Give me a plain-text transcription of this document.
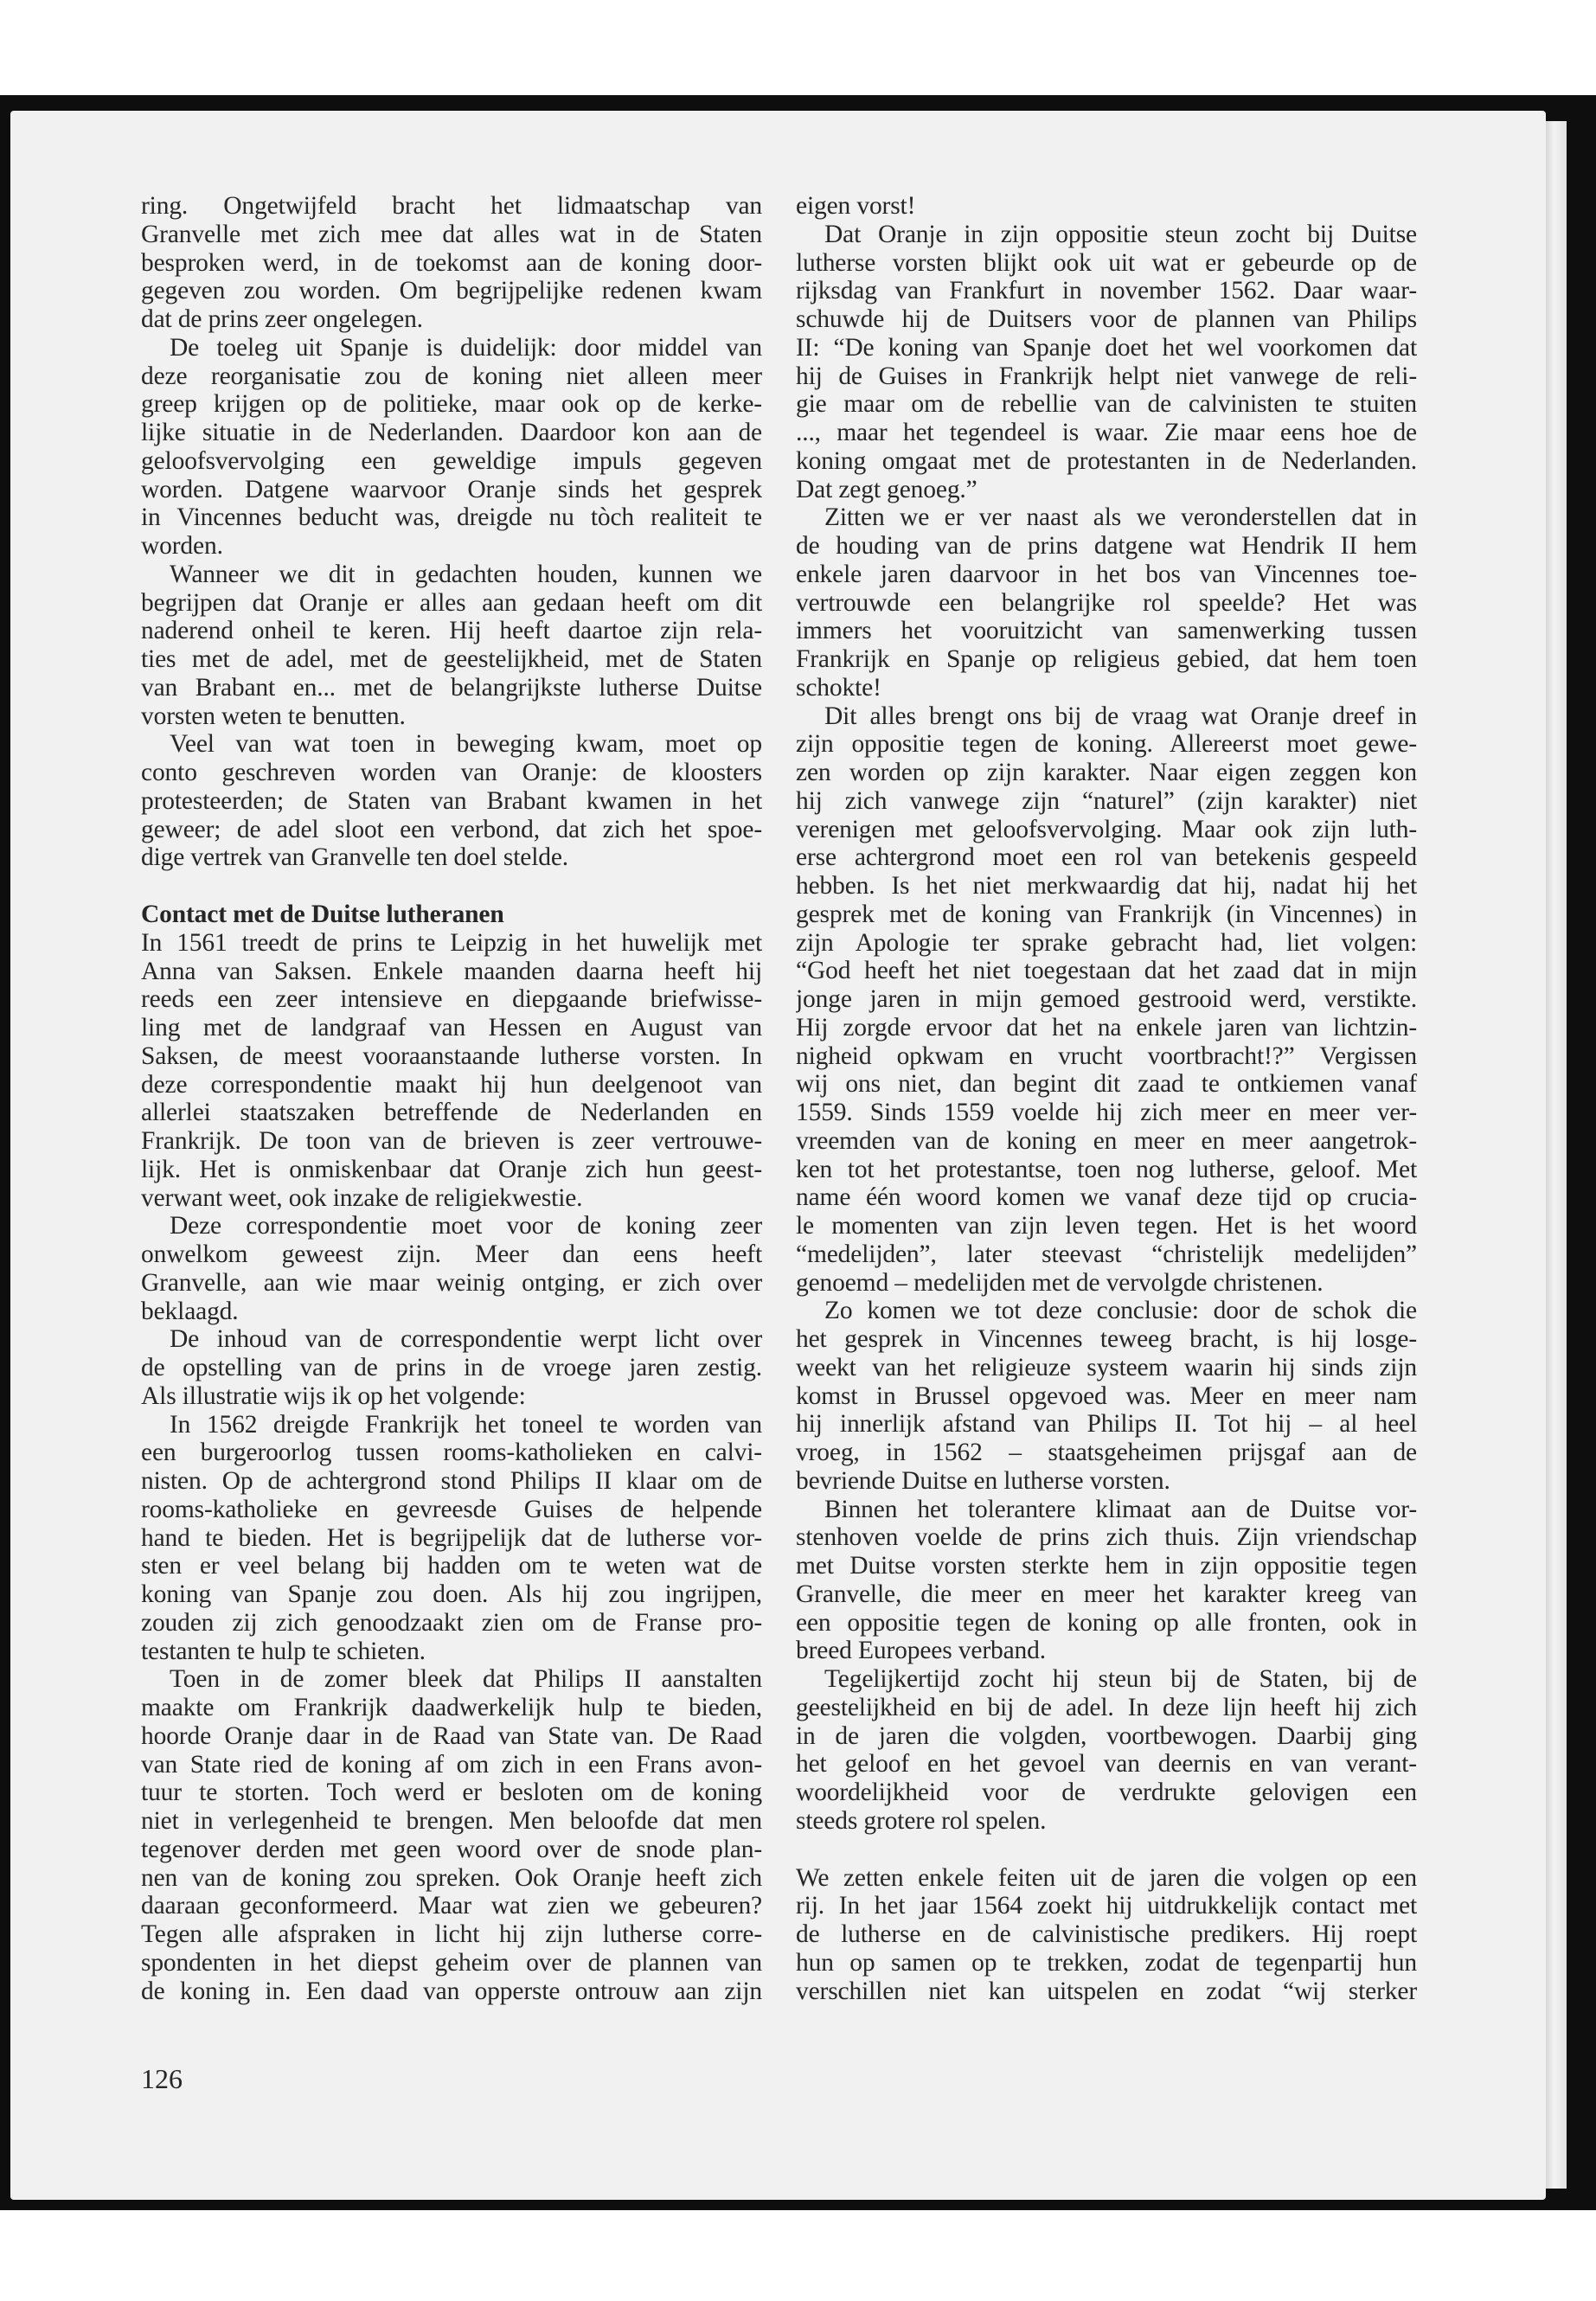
ring. Ongetwijfeld bracht het lidmaatschap van
Granvelle met zich mee dat alles wat in de Staten
besproken werd, in de toekomst aan de koning door-
gegeven zou worden. Om begrijpelijke redenen kwam
dat de prins zeer ongelegen.
De toeleg uit Spanje is duidelijk: door middel van
deze reorganisatie zou de koning niet alleen meer
greep krijgen op de politieke, maar ook op de kerke-
lijke situatie in de Nederlanden. Daardoor kon aan de
geloofsvervolging een geweldige impuls gegeven
worden. Datgene waarvoor Oranje sinds het gesprek
in Vincennes beducht was, dreigde nu tòch realiteit te
worden.
Wanneer we dit in gedachten houden, kunnen we
begrijpen dat Oranje er alles aan gedaan heeft om dit
naderend onheil te keren. Hij heeft daartoe zijn rela-
ties met de adel, met de geestelijkheid, met de Staten
van Brabant en... met de belangrijkste lutherse Duitse
vorsten weten te benutten.
Veel van wat toen in beweging kwam, moet op
conto geschreven worden van Oranje: de kloosters
protesteerden; de Staten van Brabant kwamen in het
geweer; de adel sloot een verbond, dat zich het spoe-
dige vertrek van Granvelle ten doel stelde.
Contact met de Duitse lutheranen
In 1561 treedt de prins te Leipzig in het huwelijk met
Anna van Saksen. Enkele maanden daarna heeft hij
reeds een zeer intensieve en diepgaande briefwisse-
ling met de landgraaf van Hessen en August van
Saksen, de meest vooraanstaande lutherse vorsten. In
deze correspondentie maakt hij hun deelgenoot van
allerlei staatszaken betreffende de Nederlanden en
Frankrijk. De toon van de brieven is zeer vertrouwe-
lijk. Het is onmiskenbaar dat Oranje zich hun geest-
verwant weet, ook inzake de religiekwestie.
Deze correspondentie moet voor de koning zeer
onwelkom geweest zijn. Meer dan eens heeft
Granvelle, aan wie maar weinig ontging, er zich over
beklaagd.
De inhoud van de correspondentie werpt licht over
de opstelling van de prins in de vroege jaren zestig.
Als illustratie wijs ik op het volgende:
In 1562 dreigde Frankrijk het toneel te worden van
een burgeroorlog tussen rooms-katholieken en calvi-
nisten. Op de achtergrond stond Philips II klaar om de
rooms-katholieke en gevreesde Guises de helpende
hand te bieden. Het is begrijpelijk dat de lutherse vor-
sten er veel belang bij hadden om te weten wat de
koning van Spanje zou doen. Als hij zou ingrijpen,
zouden zij zich genoodzaakt zien om de Franse pro-
testanten te hulp te schieten.
Toen in de zomer bleek dat Philips II aanstalten
maakte om Frankrijk daadwerkelijk hulp te bieden,
hoorde Oranje daar in de Raad van State van. De Raad
van State ried de koning af om zich in een Frans avon-
tuur te storten. Toch werd er besloten om de koning
niet in verlegenheid te brengen. Men beloofde dat men
tegenover derden met geen woord over de snode plan-
nen van de koning zou spreken. Ook Oranje heeft zich
daaraan geconformeerd. Maar wat zien we gebeuren?
Tegen alle afspraken in licht hij zijn lutherse corre-
spondenten in het diepst geheim over de plannen van
de koning in. Een daad van opperste ontrouw aan zijn
eigen vorst!
Dat Oranje in zijn oppositie steun zocht bij Duitse
lutherse vorsten blijkt ook uit wat er gebeurde op de
rijksdag van Frankfurt in november 1562. Daar waar-
schuwde hij de Duitsers voor de plannen van Philips
II: “De koning van Spanje doet het wel voorkomen dat
hij de Guises in Frankrijk helpt niet vanwege de reli-
gie maar om de rebellie van de calvinisten te stuiten
..., maar het tegendeel is waar. Zie maar eens hoe de
koning omgaat met de protestanten in de Nederlanden.
Dat zegt genoeg.”
Zitten we er ver naast als we veronderstellen dat in
de houding van de prins datgene wat Hendrik II hem
enkele jaren daarvoor in het bos van Vincennes toe-
vertrouwde een belangrijke rol speelde? Het was
immers het vooruitzicht van samenwerking tussen
Frankrijk en Spanje op religieus gebied, dat hem toen
schokte!
Dit alles brengt ons bij de vraag wat Oranje dreef in
zijn oppositie tegen de koning. Allereerst moet gewe-
zen worden op zijn karakter. Naar eigen zeggen kon
hij zich vanwege zijn “naturel” (zijn karakter) niet
verenigen met geloofsvervolging. Maar ook zijn luth-
erse achtergrond moet een rol van betekenis gespeeld
hebben. Is het niet merkwaardig dat hij, nadat hij het
gesprek met de koning van Frankrijk (in Vincennes) in
zijn Apologie ter sprake gebracht had, liet volgen:
“God heeft het niet toegestaan dat het zaad dat in mijn
jonge jaren in mijn gemoed gestrooid werd, verstikte.
Hij zorgde ervoor dat het na enkele jaren van lichtzin-
nigheid opkwam en vrucht voortbracht!?” Vergissen
wij ons niet, dan begint dit zaad te ontkiemen vanaf
1559. Sinds 1559 voelde hij zich meer en meer ver-
vreemden van de koning en meer en meer aangetrok-
ken tot het protestantse, toen nog lutherse, geloof. Met
name één woord komen we vanaf deze tijd op crucia-
le momenten van zijn leven tegen. Het is het woord
“medelijden”, later steevast “christelijk medelijden”
genoemd – medelijden met de vervolgde christenen.
Zo komen we tot deze conclusie: door de schok die
het gesprek in Vincennes teweeg bracht, is hij losge-
weekt van het religieuze systeem waarin hij sinds zijn
komst in Brussel opgevoed was. Meer en meer nam
hij innerlijk afstand van Philips II. Tot hij – al heel
vroeg, in 1562 – staatsgeheimen prijsgaf aan de
bevriende Duitse en lutherse vorsten.
Binnen het tolerantere klimaat aan de Duitse vor-
stenhoven voelde de prins zich thuis. Zijn vriendschap
met Duitse vorsten sterkte hem in zijn oppositie tegen
Granvelle, die meer en meer het karakter kreeg van
een oppositie tegen de koning op alle fronten, ook in
breed Europees verband.
Tegelijkertijd zocht hij steun bij de Staten, bij de
geestelijkheid en bij de adel. In deze lijn heeft hij zich
in de jaren die volgden, voortbewogen. Daarbij ging
het geloof en het gevoel van deernis en van verant-
woordelijkheid voor de verdrukte gelovigen een
steeds grotere rol spelen.
We zetten enkele feiten uit de jaren die volgen op een
rij. In het jaar 1564 zoekt hij uitdrukkelijk contact met
de lutherse en de calvinistische predikers. Hij roept
hun op samen op te trekken, zodat de tegenpartij hun
verschillen niet kan uitspelen en zodat “wij sterker
126
